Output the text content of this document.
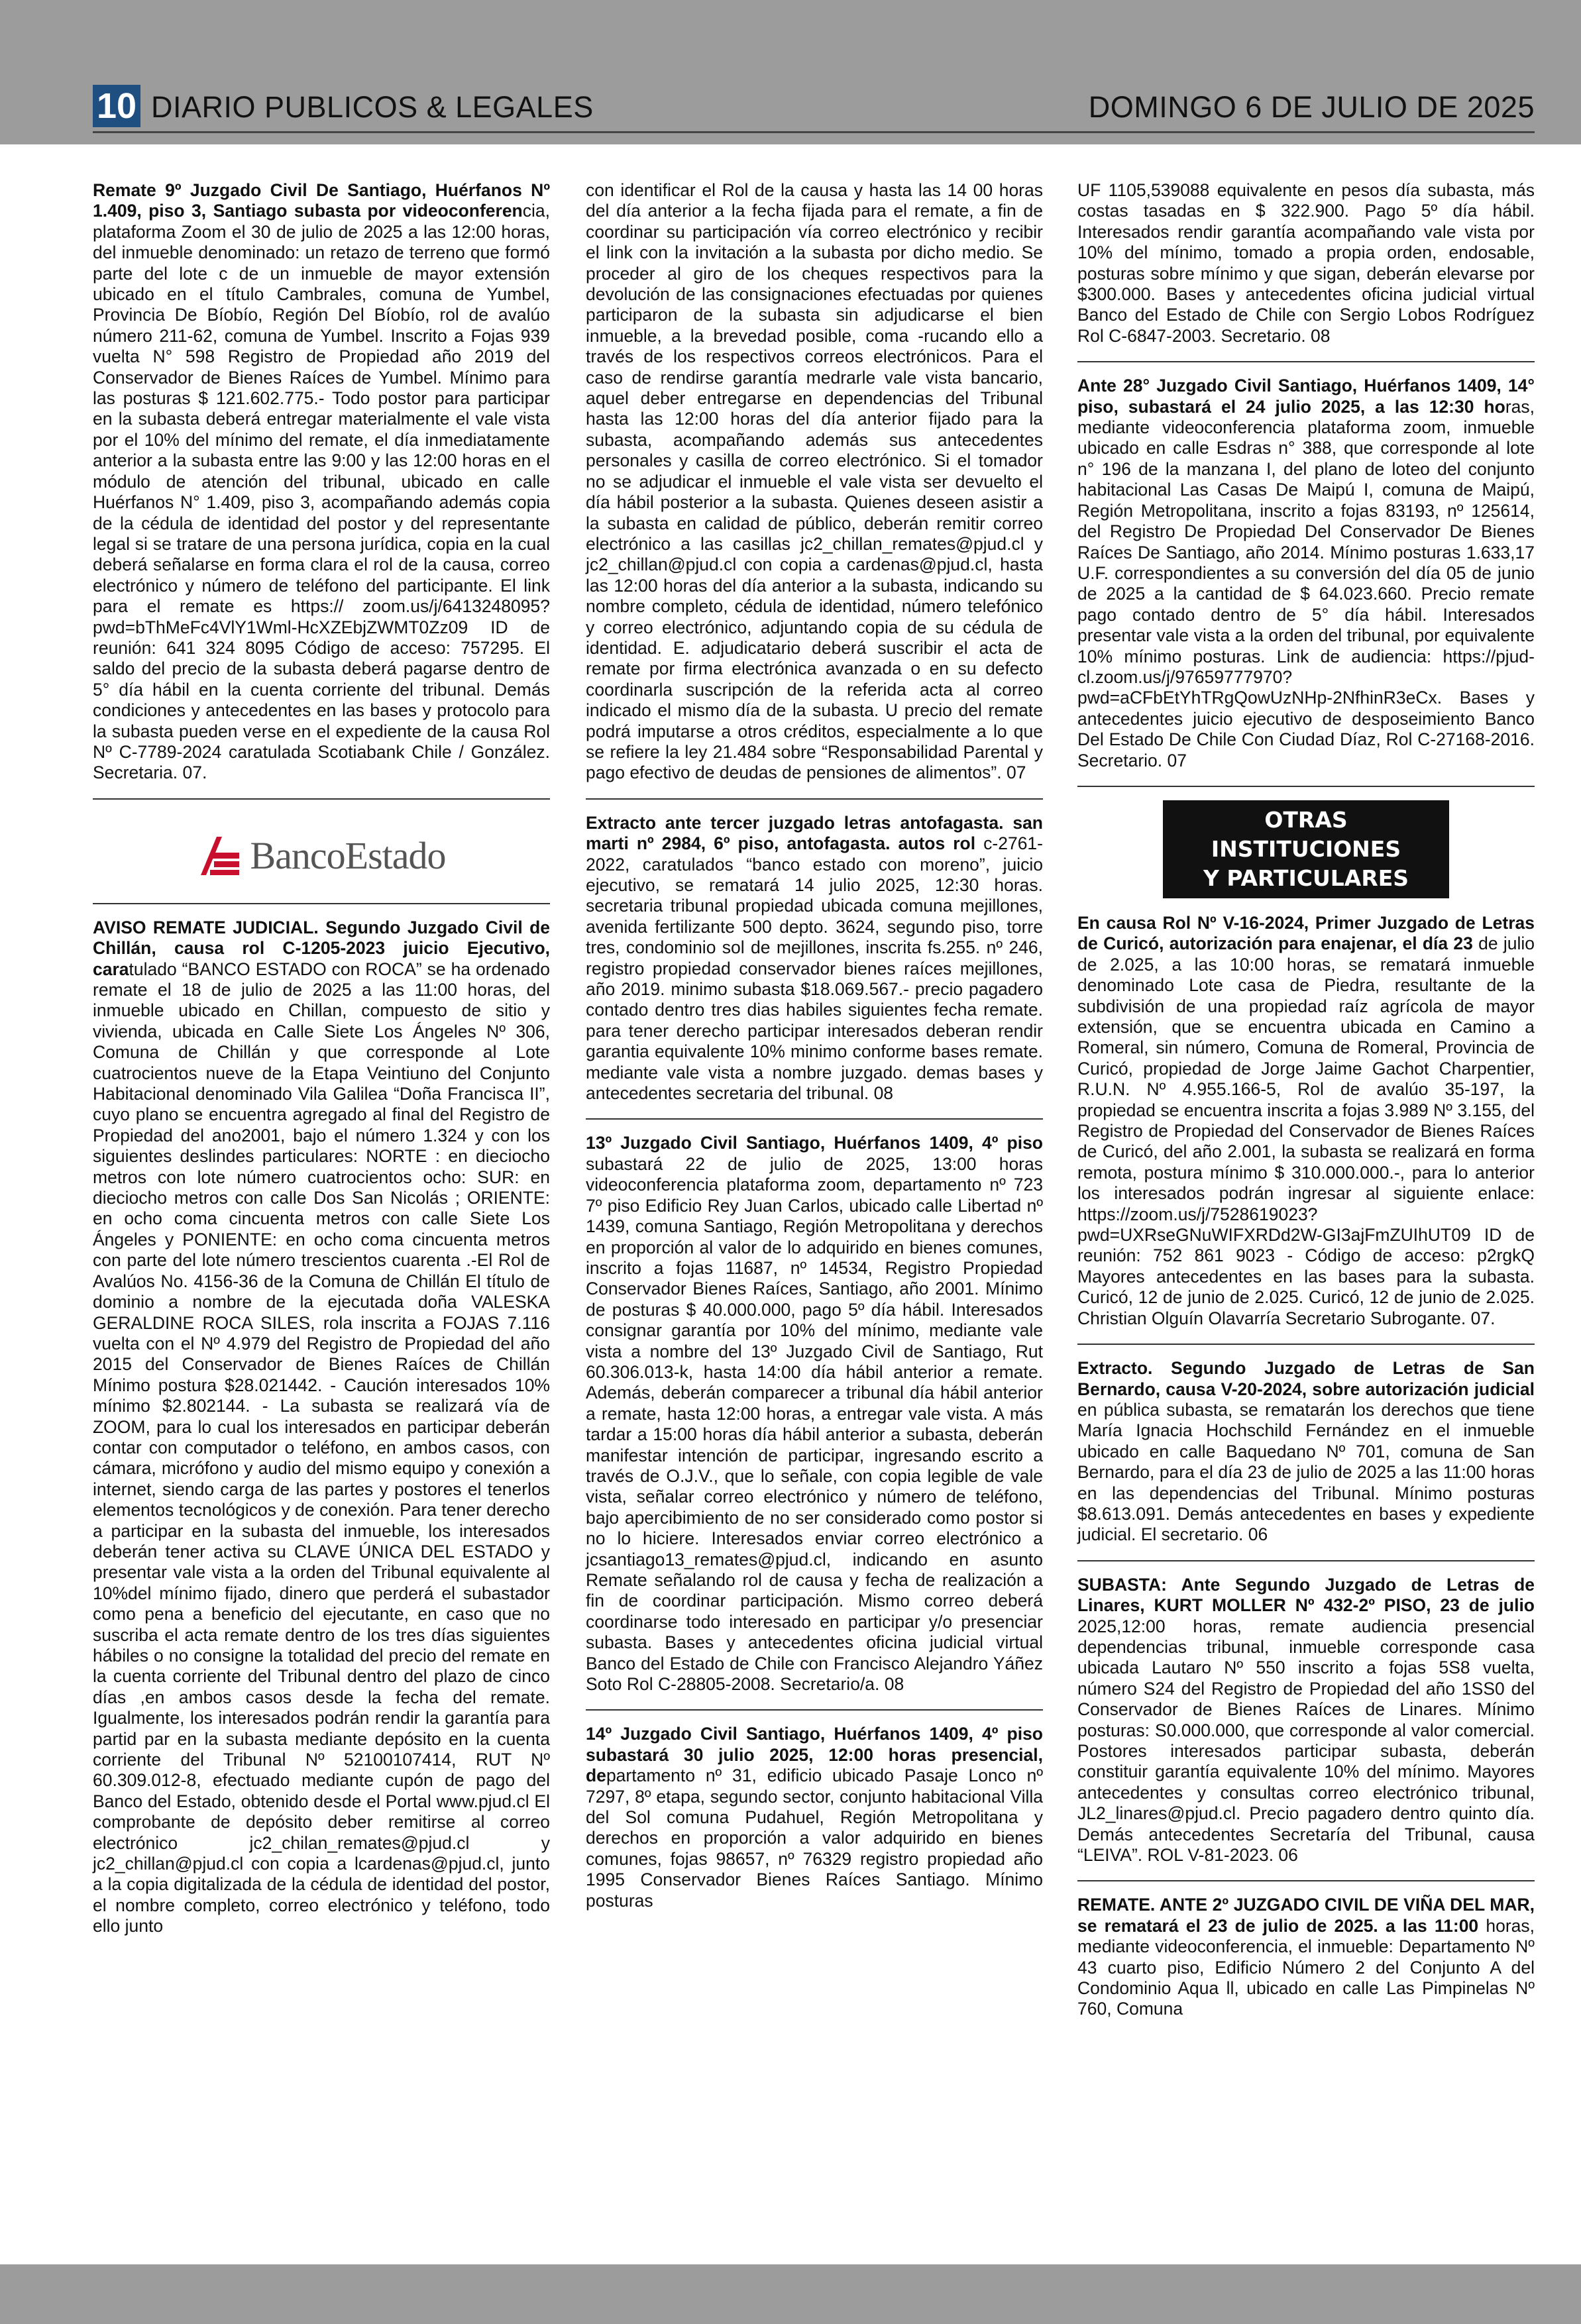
10 DIARIO PUBLICOS & LEGALES	DOMINGO 6 DE JULIO DE 2025

Remate 9º Juzgado Civil De Santiago, Huérfanos Nº 1.409, piso 3, Santiago subasta por videoconferencia, plataforma Zoom el 30 de julio de 2025 a las 12:00 horas, del inmueble denominado: un retazo de terreno que formó parte del lote c de un inmueble de mayor extensión ubicado en el título Cambrales, comuna de Yumbel, Provincia De Bíobío, Región Del Bíobío, rol de avalúo número 211-62, comuna de Yumbel. Inscrito a Fojas 939 vuelta N° 598 Registro de Propiedad año 2019 del Conservador de Bienes Raíces de Yumbel. Mínimo para las posturas $ 121.602.775.- Todo postor para participar en la subasta deberá entregar materialmente el vale vista por el 10% del mínimo del remate, el día inmediatamente anterior a la subasta entre las 9:00 y las 12:00 horas en el módulo de atención del tribunal, ubicado en calle Huérfanos N° 1.409, piso 3, acompañando además copia de la cédula de identidad del postor y del representante legal si se tratare de una persona jurídica, copia en la cual deberá señalarse en forma clara el rol de la causa, correo electrónico y número de teléfono del participante. El link para el remate es https:// zoom.us/j/6413248095?pwd=bThMeFc4VlY1Wml-HcXZEbjZWMT0Zz09 ID de reunión: 641 324 8095 Código de acceso: 757295. El saldo del precio de la subasta deberá pagarse dentro de 5° día hábil en la cuenta corriente del tribunal. Demás condiciones y antecedentes en las bases y protocolo para la subasta pueden verse en el expediente de la causa Rol Nº C-7789-2024 caratulada Scotiabank Chile / González. Secretaria. 07.

BancoEstado

AVISO REMATE JUDICIAL. Segundo Juzgado Civil de Chillán, causa rol C-1205-2023 juicio Ejecutivo, caratulado “BANCO ESTADO con ROCA” se ha ordenado remate el 18 de julio de 2025 a las 11:00 horas, del inmueble ubicado en Chillan, compuesto de sitio y vivienda, ubicada en Calle Siete Los Ángeles Nº 306, Comuna de Chillán y que corresponde al Lote cuatrocientos nueve de la Etapa Veintiuno del Conjunto Habitacional denominado Vila Galilea “Doña Francisca II”, cuyo plano se encuentra agregado al final del Registro de Propiedad del ano2001, bajo el número 1.324 y con los siguientes deslindes particulares: NORTE : en dieciocho metros con lote número cuatrocientos ocho: SUR: en dieciocho metros con calle Dos San Nicolás ; ORIENTE: en ocho coma cincuenta metros con calle Siete Los Ángeles y PONIENTE: en ocho coma cincuenta metros con parte del lote número trescientos cuarenta .-El Rol de Avalúos No. 4156-36 de la Comuna de Chillán El título de dominio a nombre de la ejecutada doña VALESKA GERALDINE ROCA SILES, rola inscrita a FOJAS 7.116 vuelta con el Nº 4.979 del Registro de Propiedad del año 2015 del Conservador de Bienes Raíces de Chillán Mínimo postura $28.021442. - Caución interesados 10% mínimo $2.802144. - La subasta se realizará vía de ZOOM, para lo cual los interesados en participar deberán contar con computador o teléfono, en ambos casos, con cámara, micrófono y audio del mismo equipo y conexión a internet, siendo carga de las partes y postores el tenerlos elementos tecnológicos y de conexión. Para tener derecho a participar en la subasta del inmueble, los interesados deberán tener activa su CLAVE ÚNICA DEL ESTADO y presentar vale vista a la orden del Tribunal equivalente al 10%del mínimo fijado, dinero que perderá el subastador como pena a beneficio del ejecutante, en caso que no suscriba el acta remate dentro de los tres días siguientes hábiles o no consigne la totalidad del precio del remate en la cuenta corriente del Tribunal dentro del plazo de cinco días ,en ambos casos desde la fecha del remate. Igualmente, los interesados podrán rendir la garantía para partid par en la subasta mediante depósito en la cuenta corriente del Tribunal Nº 52100107414, RUT Nº 60.309.012-8, efectuado mediante cupón de pago del Banco del Estado, obtenido desde el Portal www.pjud.cl El comprobante de depósito deber remitirse al correo electrónico jc2_chilan_remates@pjud.cl y jc2_chillan@pjud.cl con copia a lcardenas@pjud.cl, junto a la copia digitalizada de la cédula de identidad del postor, el nombre completo, correo electrónico y teléfono, todo ello junto

con identificar el Rol de la causa y hasta las 14 00 horas del día anterior a la fecha fijada para el remate, a fin de coordinar su participación vía correo electrónico y recibir el link con la invitación a la subasta por dicho medio. Se proceder al giro de los cheques respectivos para la devolución de las consignaciones efectuadas por quienes participaron de la subasta sin adjudicarse el bien inmueble, a la brevedad posible, coma -rucando ello a través de los respectivos correos electrónicos. Para el caso de rendirse garantía medrarle vale vista bancario, aquel deber entregarse en dependencias del Tribunal hasta las 12:00 horas del día anterior fijado para la subasta, acompañando además sus antecedentes personales y casilla de correo electrónico. Si el tomador no se adjudicar el inmueble el vale vista ser devuelto el día hábil posterior a la subasta. Quienes deseen asistir a la subasta en calidad de público, deberán remitir correo electrónico a las casillas jc2_chillan_remates@pjud.cl y jc2_chillan@pjud.cl con copia a cardenas@pjud.cl, hasta las 12:00 horas del día anterior a la subasta, indicando su nombre completo, cédula de identidad, número telefónico y correo electrónico, adjuntando copia de su cédula de identidad. E. adjudicatario deberá suscribir el acta de remate por firma electrónica avanzada o en su defecto coordinarla suscripción de la referida acta al correo indicado el mismo día de la subasta. U precio del remate podrá imputarse a otros créditos, especialmente a lo que se refiere la ley 21.484 sobre “Responsabilidad Parental y pago efectivo de deudas de pensiones de alimentos”. 07

Extracto ante tercer juzgado letras antofagasta. san marti nº 2984, 6º piso, antofagasta. autos rol c-2761-2022, caratulados “banco estado con moreno”, juicio ejecutivo, se rematará 14 julio 2025, 12:30 horas. secretaria tribunal propiedad ubicada comuna mejillones, avenida fertilizante 500 depto. 3624, segundo piso, torre tres, condominio sol de mejillones, inscrita fs.255. nº 246, registro propiedad conservador bienes raíces mejillones, año 2019. minimo subasta $18.069.567.- precio pagadero contado dentro tres dias habiles siguientes fecha remate. para tener derecho participar interesados deberan rendir garantia equivalente 10% minimo conforme bases remate. mediante vale vista a nombre juzgado. demas bases y antecedentes secretaria del tribunal. 08

13º Juzgado Civil Santiago, Huérfanos 1409, 4º piso subastará 22 de julio de 2025, 13:00 horas videoconferencia plataforma zoom, departamento nº 723 7º piso Edificio Rey Juan Carlos, ubicado calle Libertad nº 1439, comuna Santiago, Región Metropolitana y derechos en proporción al valor de lo adquirido en bienes comunes, inscrito a fojas 11687, nº 14534, Registro Propiedad Conservador Bienes Raíces, Santiago, año 2001. Mínimo de posturas $ 40.000.000, pago 5º día hábil. Interesados consignar garantía por 10% del mínimo, mediante vale vista a nombre del 13º Juzgado Civil de Santiago, Rut 60.306.013-k, hasta 14:00 día hábil anterior a remate. Además, deberán comparecer a tribunal día hábil anterior a remate, hasta 12:00 horas, a entregar vale vista. A más tardar a 15:00 horas día hábil anterior a subasta, deberán manifestar intención de participar, ingresando escrito a través de O.J.V., que lo señale, con copia legible de vale vista, señalar correo electrónico y número de teléfono, bajo apercibimiento de no ser considerado como postor si no lo hiciere. Interesados enviar correo electrónico a jcsantiago13_remates@pjud.cl, indicando en asunto Remate señalando rol de causa y fecha de realización a fin de coordinar participación. Mismo correo deberá coordinarse todo interesado en participar y/o presenciar subasta. Bases y antecedentes oficina judicial virtual Banco del Estado de Chile con Francisco Alejandro Yáñez Soto Rol C-28805-2008. Secretario/a. 08

14º Juzgado Civil Santiago, Huérfanos 1409, 4º piso subastará 30 julio 2025, 12:00 horas presencial, departamento nº 31, edificio ubicado Pasaje Lonco nº 7297, 8º etapa, segundo sector, conjunto habitacional Villa del Sol comuna Pudahuel, Región Metropolitana y derechos en proporción a valor adquirido en bienes comunes, fojas 98657, nº 76329 registro propiedad año 1995 Conservador Bienes Raíces Santiago. Mínimo posturas

UF 1105,539088 equivalente en pesos día subasta, más costas tasadas en $ 322.900. Pago 5º día hábil. Interesados rendir garantía acompañando vale vista por 10% del mínimo, tomado a propia orden, endosable, posturas sobre mínimo y que sigan, deberán elevarse por $300.000. Bases y antecedentes oficina judicial virtual Banco del Estado de Chile con Sergio Lobos Rodríguez Rol C-6847-2003. Secretario. 08

Ante 28° Juzgado Civil Santiago, Huérfanos 1409, 14° piso, subastará el 24 julio 2025, a las 12:30 horas, mediante videoconferencia plataforma zoom, inmueble ubicado en calle Esdras n° 388, que corresponde al lote n° 196 de la manzana I, del plano de loteo del conjunto habitacional Las Casas De Maipú I, comuna de Maipú, Región Metropolitana, inscrito a fojas 83193, nº 125614, del Registro De Propiedad Del Conservador De Bienes Raíces De Santiago, año 2014. Mínimo posturas 1.633,17 U.F. correspondientes a su conversión del día 05 de junio de 2025 a la cantidad de $ 64.023.660. Precio remate pago contado dentro de 5° día hábil. Interesados presentar vale vista a la orden del tribunal, por equivalente 10% mínimo posturas. Link de audiencia: https://pjud-cl.zoom.us/j/97659777970?pwd=aCFbEtYhTRgQowUzNHp-2NfhinR3eCx. Bases y antecedentes juicio ejecutivo de desposeimiento Banco Del Estado De Chile Con Ciudad Díaz, Rol C-27168-2016. Secretario. 07

OTRAS INSTITUCIONES
Y PARTICULARES

En causa Rol Nº V-16-2024, Primer Juzgado de Letras de Curicó, autorización para enajenar, el día 23 de julio de 2.025, a las 10:00 horas, se rematará inmueble denominado Lote casa de Piedra, resultante de la subdivisión de una propiedad raíz agrícola de mayor extensión, que se encuentra ubicada en Camino a Romeral, sin número, Comuna de Romeral, Provincia de Curicó, propiedad de Jorge Jaime Gachot Charpentier, R.U.N. Nº 4.955.166-5, Rol de avalúo 35-197, la propiedad se encuentra inscrita a fojas 3.989 Nº 3.155, del Registro de Propiedad del Conservador de Bienes Raíces de Curicó, del año 2.001, la subasta se realizará en forma remota, postura mínimo $ 310.000.000.-, para lo anterior los interesados podrán ingresar al siguiente enlace: https://zoom.us/j/7528619023?pwd=UXRseGNuWIFXRDd2W-GI3ajFmZUIhUT09 ID de reunión: 752 861 9023 - Código de acceso: p2rgkQ Mayores antecedentes en las bases para la subasta. Curicó, 12 de junio de 2.025. Curicó, 12 de junio de 2.025. Christian Olguín Olavarría Secretario Subrogante. 07.

Extracto. Segundo Juzgado de Letras de San Bernardo, causa V-20-2024, sobre autorización judicial en pública subasta, se rematarán los derechos que tiene María Ignacia Hochschild Fernández en el inmueble ubicado en calle Baquedano Nº 701, comuna de San Bernardo, para el día 23 de julio de 2025 a las 11:00 horas en las dependencias del Tribunal. Mínimo posturas $8.613.091. Demás antecedentes en bases y expediente judicial. El secretario. 06

SUBASTA: Ante Segundo Juzgado de Letras de Linares, KURT MOLLER Nº 432-2º PISO, 23 de julio 2025,12:00 horas, remate audiencia presencial dependencias tribunal, inmueble corresponde casa ubicada Lautaro Nº 550 inscrito a fojas 5S8 vuelta, número S24 del Registro de Propiedad del año 1SS0 del Conservador de Bienes Raíces de Linares. Mínimo posturas: S0.000.000, que corresponde al valor comercial. Postores interesados participar subasta, deberán constituir garantía equivalente 10% del mínimo. Mayores antecedentes y consultas correo electrónico tribunal, JL2_linares@pjud.cl. Precio pagadero dentro quinto día. Demás antecedentes Secretaría del Tribunal, causa “LEIVA”. ROL V-81-2023. 06

REMATE. ANTE 2º JUZGADO CIVIL DE VIÑA DEL MAR, se rematará el 23 de julio de 2025. a las 11:00 horas, mediante videoconferencia, el inmueble: Departamento Nº 43 cuarto piso, Edificio Número 2 del Conjunto A del Condominio Aqua ll, ubicado en calle Las Pimpinelas Nº 760, Comuna
